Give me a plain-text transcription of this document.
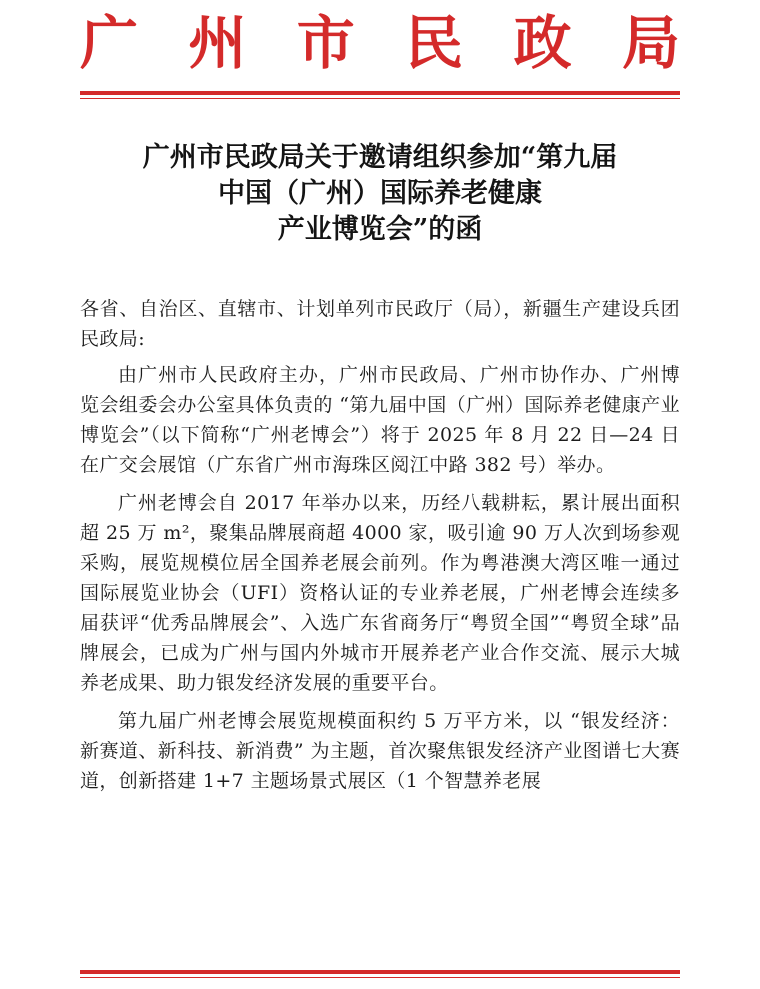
广 州 市 民 政 局
广州市民政局关于邀请组织参加“第九届
中国（广州）国际养老健康
产业博览会”的函

各省、自治区、直辖市、计划单列市民政厅（局），新疆生产建设兵团民政局:

由广州市人民政府主办，广州市民政局、广州市协作办、广州博览会组委会办公室具体负责的 “第九届中国（广州）国际养老健康产业博览会”（以下简称“广州老博会”）将于 2025 年 8 月 22 日—24 日在广交会展馆（广东省广州市海珠区阅江中路 382 号）举办。

广州老博会自 2017 年举办以来，历经八载耕耘，累计展出面积超 25 万 m²，聚集品牌展商超 4000 家，吸引逾 90 万人次到场参观采购，展览规模位居全国养老展会前列。作为粤港澳大湾区唯一通过国际展览业协会（UFI）资格认证的专业养老展，广州老博会连续多届获评“优秀品牌展会”、入选广东省商务厅“粤贸全国”“粤贸全球”品牌展会，已成为广州与国内外城市开展养老产业合作交流、展示大城养老成果、助力银发经济发展的重要平台。

第九届广州老博会展览规模面积约 5 万平方米，以 “银发经济：新赛道、新科技、新消费” 为主题，首次聚焦银发经济产业图谱七大赛道，创新搭建 1+7 主题场景式展区（1 个智慧养老展
